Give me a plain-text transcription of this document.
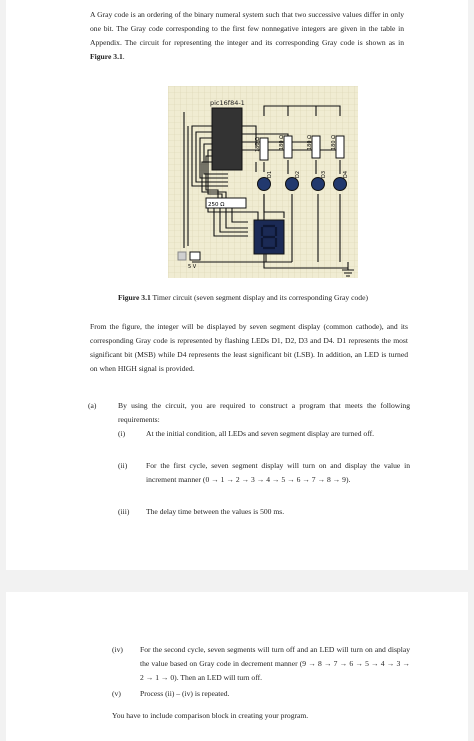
A Gray code is an ordering of the binary numeral system such that two successive values differ in only one bit. The Gray code corresponding to the first few nonnegative integers are given in the table in Appendix. The circuit for representing the integer and its corresponding Gray code is shown as in Figure 3.1.
pic16f84-1
180 Ω	180 Ω	180 Ω	180 Ω
D1	D2	D3	D4
250 Ω
5 V
Figure 3.1 Timer circuit (seven segment display and its corresponding Gray code)
From the figure, the integer will be displayed by seven segment display (common cathode), and its corresponding Gray code is represented by flashing LEDs D1, D2, D3 and D4. D1 represents the most significant bit (MSB) while D4 represents the least significant bit (LSB). In addition, an LED is turned on when HIGH signal is provided.
(a)	By using the circuit, you are required to construct a program that meets the following requirements:
(i)	At the initial condition, all LEDs and seven segment display are turned off.
(ii) For the first cycle, seven segment display will turn on and display the value in increment manner (0 → 1 → 2 → 3 → 4 → 5 → 6 → 7 → 8 → 9).
(iii) The delay time between the values is 500 ms.
(iv) For the second cycle, seven segments will turn off and an LED will turn on and display the value based on Gray code in decrement manner (9 → 8 → 7 → 6 → 5 → 4 → 3 → 2 → 1 → 0). Then an LED will turn off.
(v)	Process (ii) – (iv) is repeated.
You have to include comparison block in creating your program.
